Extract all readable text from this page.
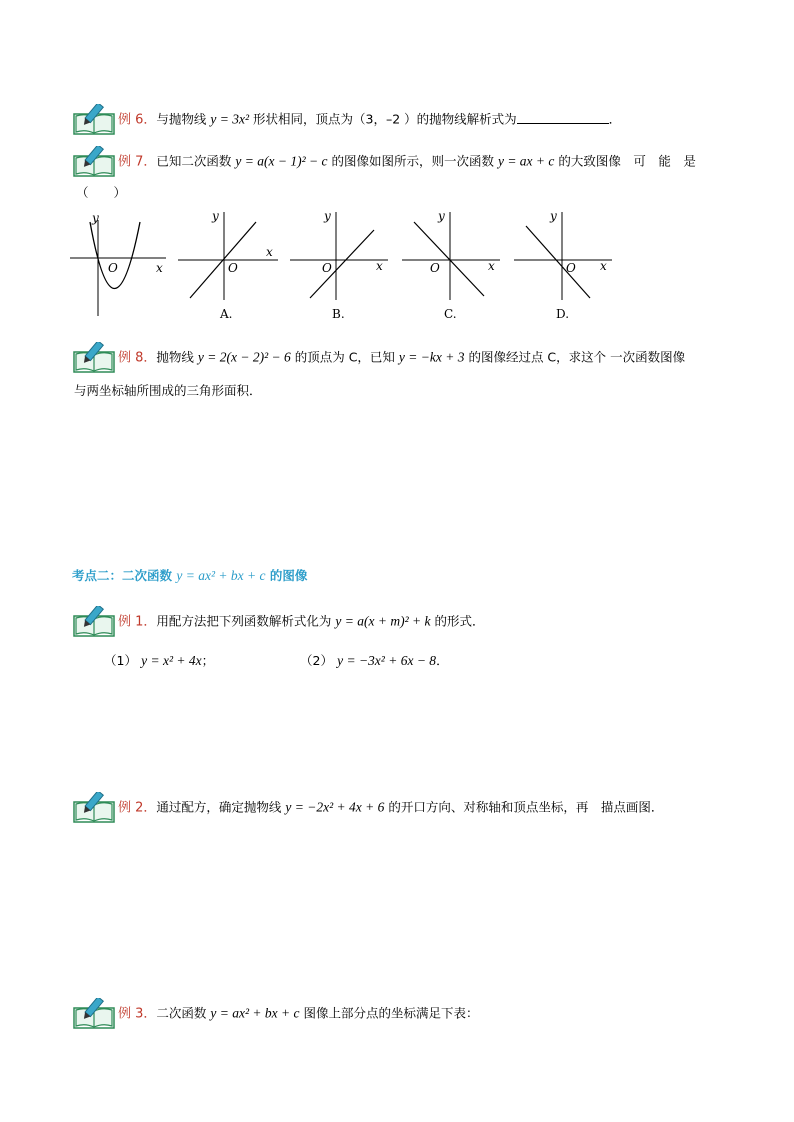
例 6．与抛物线 y = 3x² 形状相同，顶点为（3，–2 ）的抛物线解析式为	．
例 7．已知二次函数 y = a(x − 1)² − c 的图像如图所示，则一次函数 y = ax + c 的大致图像　可　能　是
（　　）
y
x
O
y
x
O
A.
y
x
O
B.
y
x
O
C.
y
x
O
D.
例 8．抛物线 y = 2(x − 2)² − 6 的顶点为 C，已知 y = −kx + 3 的图像经过点 C，求这个 一次函数图像
与两坐标轴所围成的三角形面积．
考点二：二次函数 y = ax² + bx + c 的图像
例 1．用配方法把下列函数解析式化为 y = a(x + m)² + k 的形式．
（1） y = x² + 4x；	（2） y = −3x² + 6x − 8．
例 2．通过配方，确定抛物线 y = −2x² + 4x + 6 的开口方向、对称轴和顶点坐标，再　描点画图．
例 3．二次函数 y = ax² + bx + c 图像上部分点的坐标满足下表：
